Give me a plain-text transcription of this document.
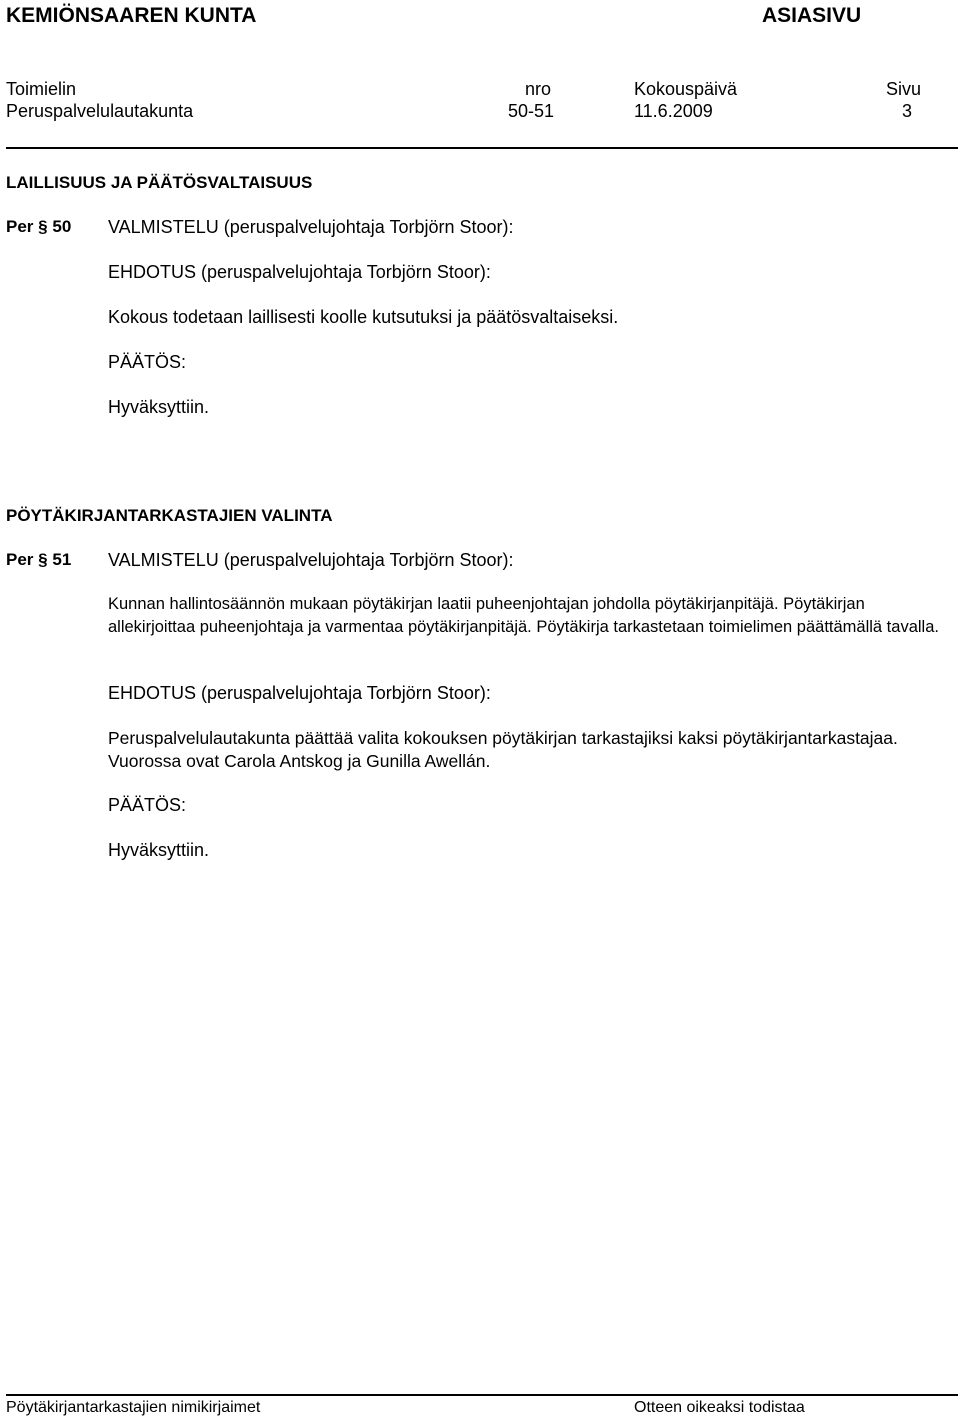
KEMIÖNSAAREN KUNTA	ASIASIVU
Toimielin	nro	Kokouspäivä	Sivu
Peruspalvelulautakunta	50-51	11.6.2009	3
LAILLISUUS JA PÄÄTÖSVALTAISUUS
Per § 50 VALMISTELU (peruspalvelujohtaja Torbjörn Stoor):
EHDOTUS (peruspalvelujohtaja Torbjörn Stoor):
Kokous todetaan laillisesti koolle kutsutuksi ja päätösvaltaiseksi.
PÄÄTÖS:
Hyväksyttiin.
PÖYTÄKIRJANTARKASTAJIEN VALINTA
Per § 51 VALMISTELU (peruspalvelujohtaja Torbjörn Stoor):
Kunnan hallintosäännön mukaan pöytäkirjan laatii puheenjohtajan johdolla pöytäkirjanpitäjä. Pöytäkirjan allekirjoittaa puheenjohtaja ja varmentaa pöytäkirjanpitäjä. Pöytäkirja tarkastetaan toimielimen päättämällä tavalla.
EHDOTUS (peruspalvelujohtaja Torbjörn Stoor):
Peruspalvelulautakunta päättää valita kokouksen pöytäkirjan tarkastajiksi kaksi pöytäkirjantarkastajaa. Vuorossa ovat Carola Antskog ja Gunilla Awellán.
PÄÄTÖS:
Hyväksyttiin.
Pöytäkirjantarkastajien nimikirjaimet	Otteen oikeaksi todistaa
